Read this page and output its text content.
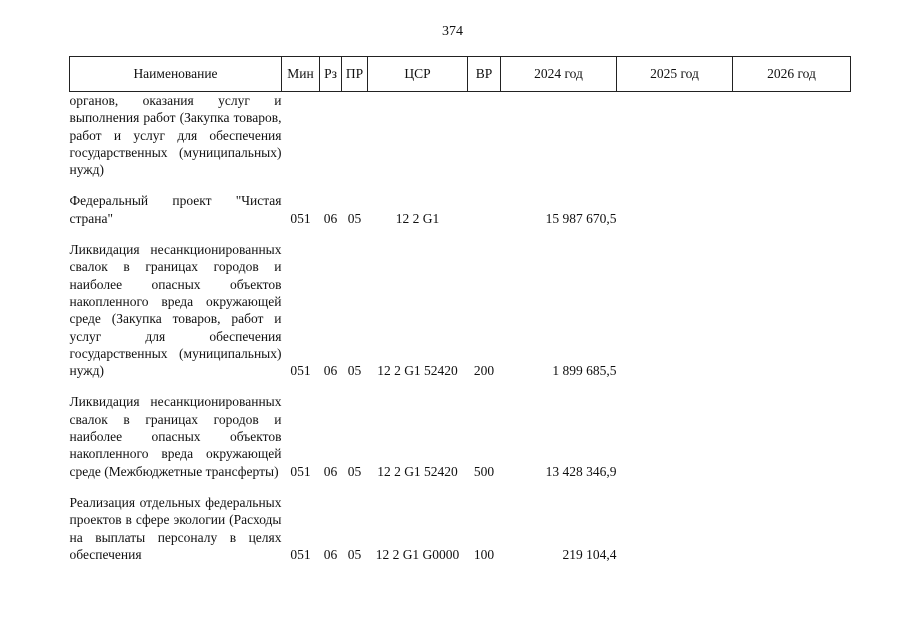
374
Наименование	Мин	Рз	ПР	ЦСР	ВР	2024 год	2025 год	2026 год
органов, оказания услуг и выполнения работ (Закупка товаров, работ и услуг для обеспечения государственных (муниципальных) нужд)								

Федеральный проект "Чистая страна"	051	06	05	12 2 G1		15 987 670,5		

Ликвидация несанкционированных свалок в границах городов и наиболее опасных объектов накопленного вреда окружающей среде (Закупка товаров, работ и услуг для обеспечения государственных (муниципальных) нужд)	051	06	05	12 2 G1 52420	200	1 899 685,5		

Ликвидация несанкционированных свалок в границах городов и наиболее опасных объектов накопленного вреда окружающей среде (Межбюджетные трансферты)	051	06	05	12 2 G1 52420	500	13 428 346,9		

Реализация отдельных федеральных проектов в сфере экологии (Расходы на выплаты персоналу в целях обеспечения	051	06	05	12 2 G1 G0000	100	219 104,4		
